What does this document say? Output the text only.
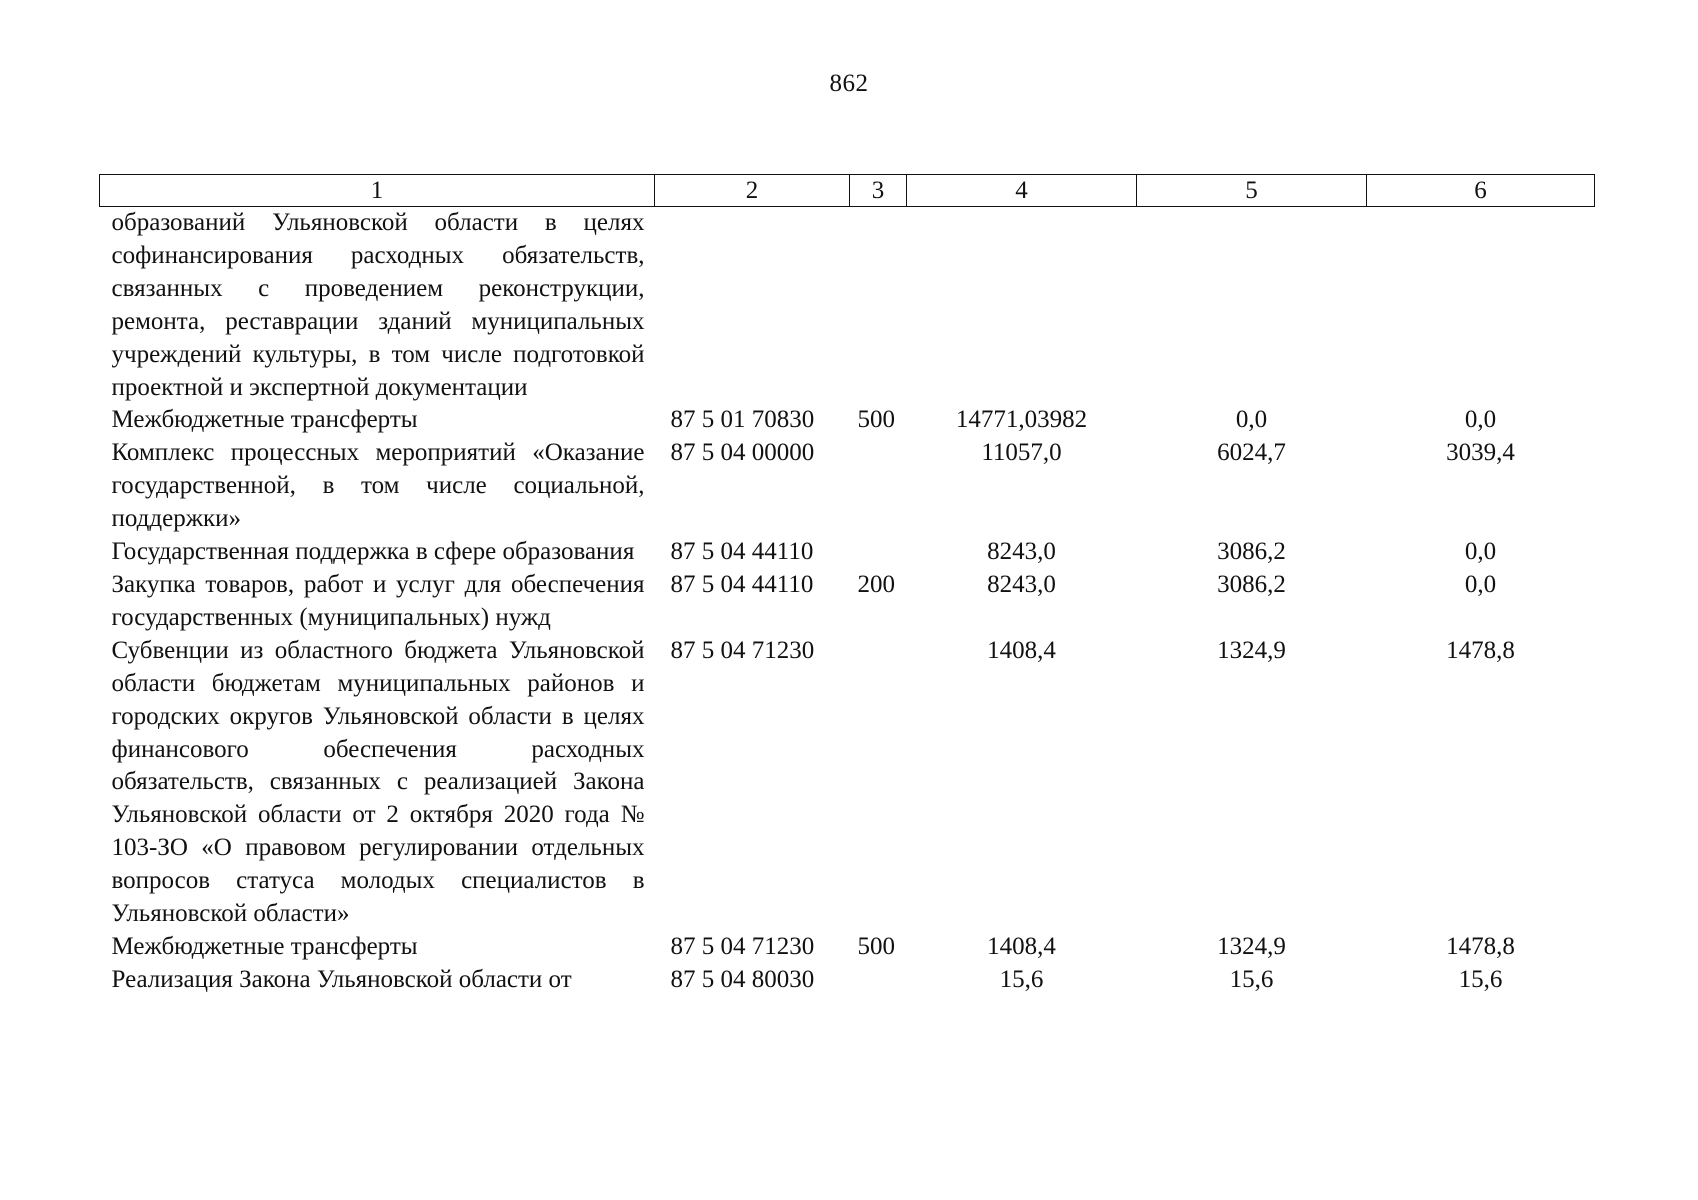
862
1	2	3	4	5	6
образований Ульяновской области в целях софинансирования расходных обязательств, связанных с проведением реконструкции, ремонта, реставрации зданий муниципальных учреждений культуры, в том числе подготовкой проектной и экспертной документации					
Межбюджетные трансферты	87 5 01 70830	500	14771,03982	0,0	0,0
Комплекс процессных мероприятий «Оказание государственной, в том числе социальной, поддержки»	87 5 04 00000		11057,0	6024,7	3039,4
Государственная поддержка в сфере образования	87 5 04 44110		8243,0	3086,2	0,0
Закупка товаров, работ и услуг для обеспечения государственных (муниципальных) нужд	87 5 04 44110	200	8243,0	3086,2	0,0
Субвенции из областного бюджета Ульяновской области бюджетам муниципальных районов и городских округов Ульяновской области в целях финансового обеспечения расходных обязательств, связанных с реализацией Закона Ульяновской области от 2 октября 2020 года № 103-ЗО «О правовом регулировании отдельных вопросов статуса молодых специалистов в Ульяновской области»	87 5 04 71230		1408,4	1324,9	1478,8
Межбюджетные трансферты	87 5 04 71230	500	1408,4	1324,9	1478,8
Реализация Закона Ульяновской области от	87 5 04 80030		15,6	15,6	15,6
